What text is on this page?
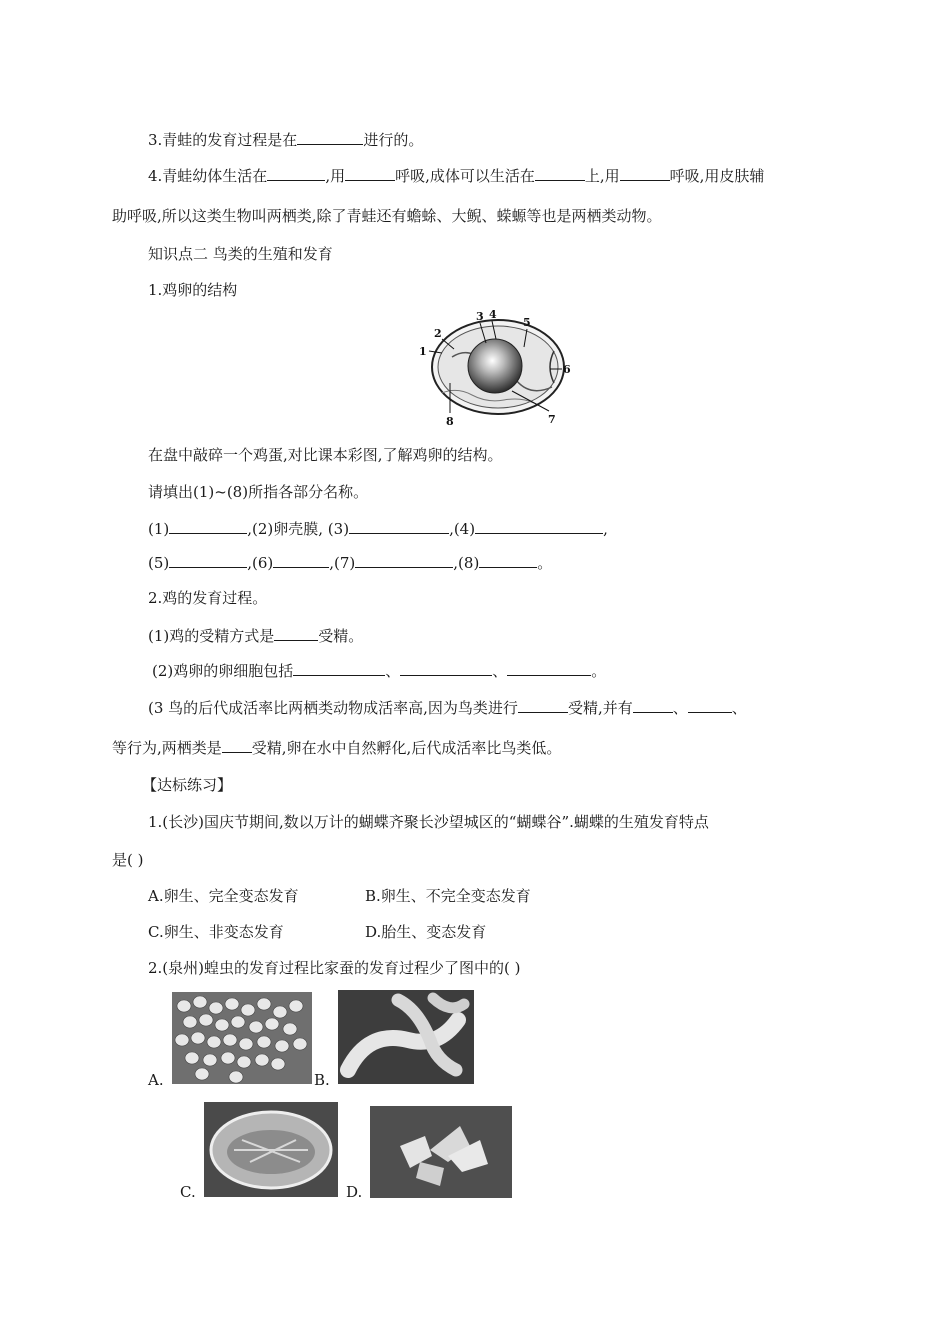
3.青蛙的发育过程是在	进行的。
4.青蛙幼体生活在	,用	呼吸,成体可以生活在	上,用	呼吸,用皮肤辅
助呼吸,所以这类生物叫两栖类,除了青蛙还有蟾蜍、大鲵、蝾螈等也是两栖类动物。
知识点二 鸟类的生殖和发育
1.鸡卵的结构
1
2
3 4
5
6
7
8
在盘中敲碎一个鸡蛋,对比课本彩图,了解鸡卵的结构。
请填出(1)~(8)所指各部分名称。
(1)	,(2)卵壳膜, (3)	,(4)	,
(5)	,(6)	,(7)	,(8)	。
2.鸡的发育过程。
(1)鸡的受精方式是	受精。
(2)鸡卵的卵细胞包括	、	、	。
(3 鸟的后代成活率比两栖类动物成活率高,因为鸟类进行	受精,并有	、	、
等行为,两栖类是 受精,卵在水中自然孵化,后代成活率比鸟类低。
【达标练习】
1.(长沙)国庆节期间,数以万计的蝴蝶齐聚长沙望城区的“蝴蝶谷”.蝴蝶的生殖发育特点
是( )
A.卵生、完全变态发育	B.卵生、不完全变态发育
C.卵生、非变态发育	D.胎生、变态发育
2.(泉州)蝗虫的发育过程比家蚕的发育过程少了图中的( )
A.	B.
C.	D.
